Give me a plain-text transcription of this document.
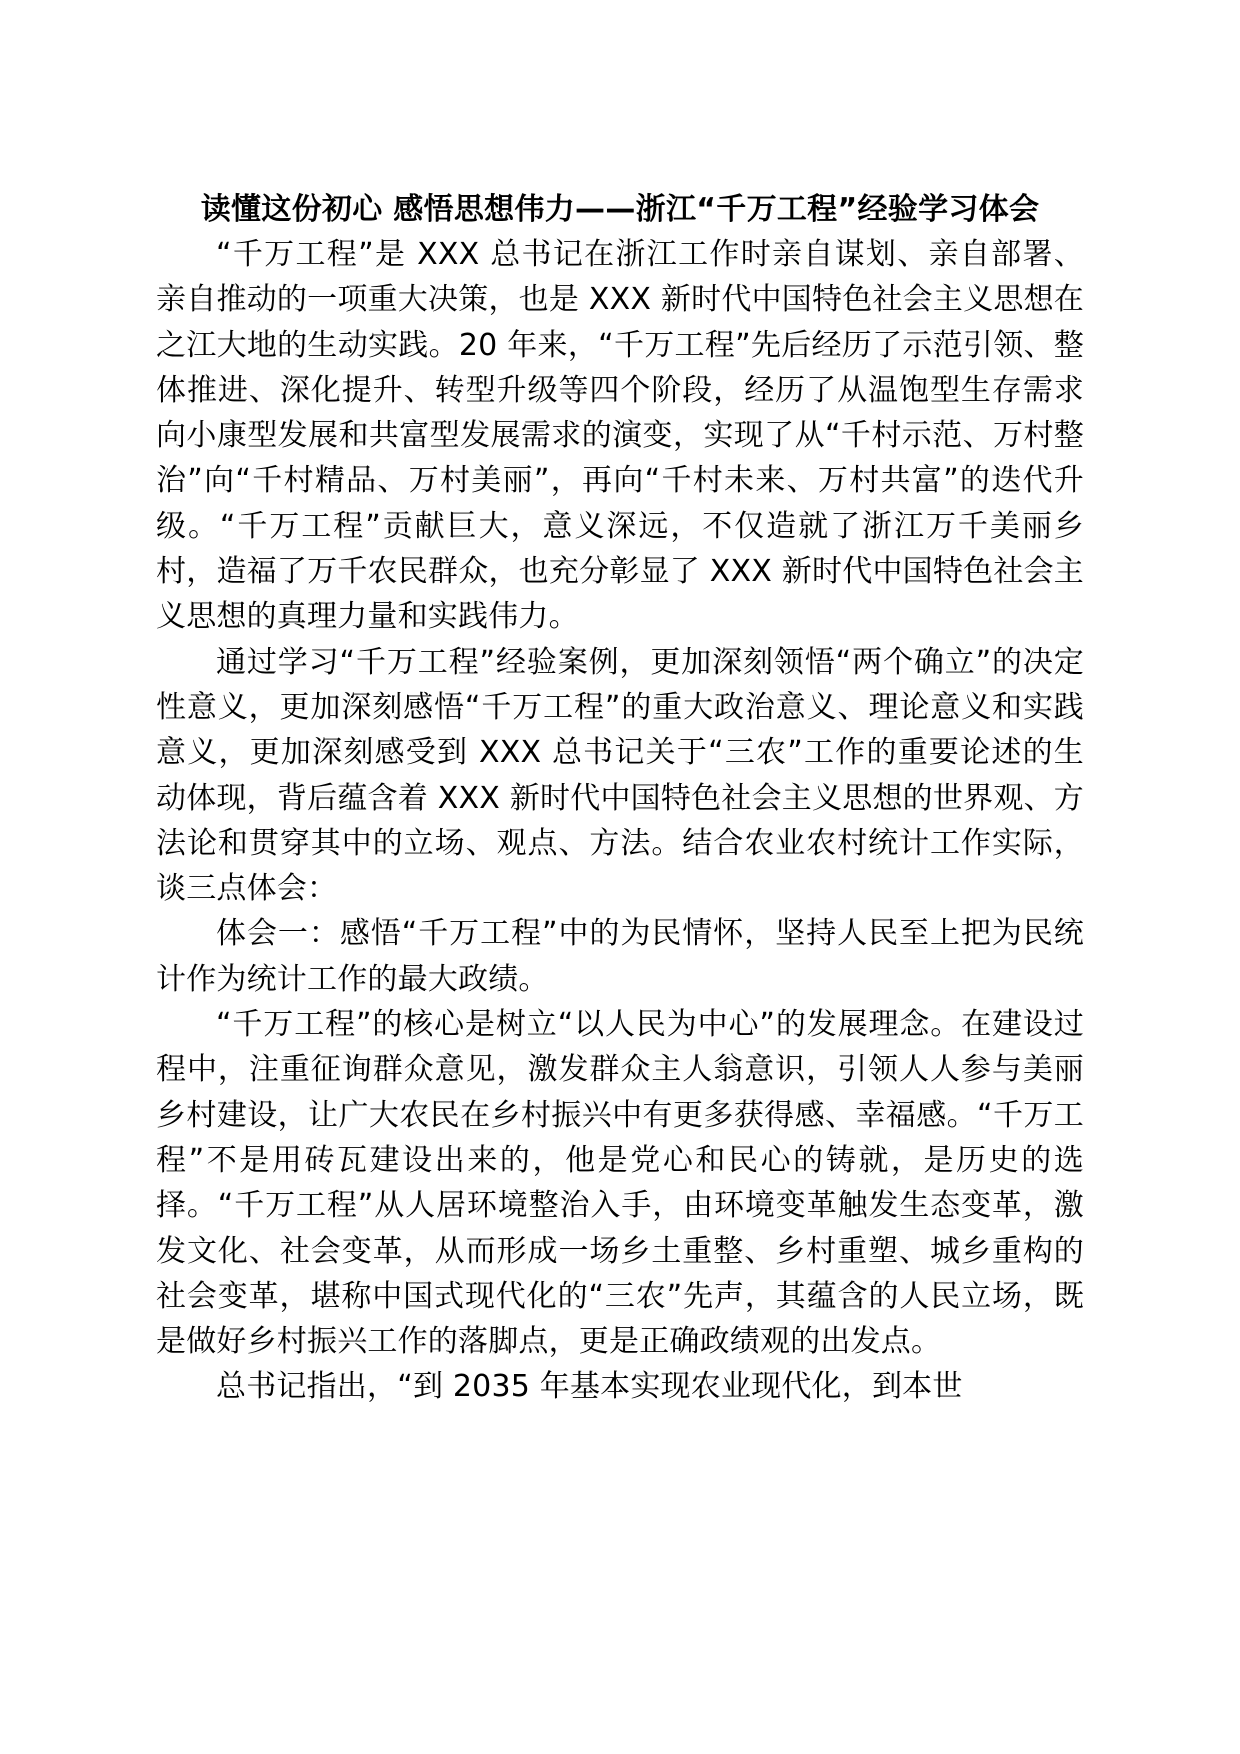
读懂这份初心 感悟思想伟力——浙江“千万工程”经验学习体会

“千万工程”是 XXX 总书记在浙江工作时亲自谋划、亲自部署、亲自推动的一项重大决策，也是 XXX 新时代中国特色社会主义思想在之江大地的生动实践。20 年来，“千万工程”先后经历了示范引领、整体推进、深化提升、转型升级等四个阶段，经历了从温饱型生存需求向小康型发展和共富型发展需求的演变，实现了从“千村示范、万村整治”向“千村精品、万村美丽”，再向“千村未来、万村共富”的迭代升级。“千万工程”贡献巨大，意义深远，不仅造就了浙江万千美丽乡村，造福了万千农民群众，也充分彰显了 XXX 新时代中国特色社会主义思想的真理力量和实践伟力。

通过学习“千万工程”经验案例，更加深刻领悟“两个确立”的决定性意义，更加深刻感悟“千万工程”的重大政治意义、理论意义和实践意义，更加深刻感受到 XXX 总书记关于“三农”工作的重要论述的生动体现，背后蕴含着 XXX 新时代中国特色社会主义思想的世界观、方法论和贯穿其中的立场、观点、方法。结合农业农村统计工作实际，谈三点体会：

体会一：感悟“千万工程”中的为民情怀，坚持人民至上把为民统计作为统计工作的最大政绩。

“千万工程”的核心是树立“以人民为中心”的发展理念。在建设过程中，注重征询群众意见，激发群众主人翁意识，引领人人参与美丽乡村建设，让广大农民在乡村振兴中有更多获得感、幸福感。“千万工程”不是用砖瓦建设出来的，他是党心和民心的铸就，是历史的选择。“千万工程”从人居环境整治入手，由环境变革触发生态变革，激发文化、社会变革，从而形成一场乡土重整、乡村重塑、城乡重构的社会变革，堪称中国式现代化的“三农”先声，其蕴含的人民立场，既是做好乡村振兴工作的落脚点，更是正确政绩观的出发点。

总书记指出，“到 2035 年基本实现农业现代化，到本世
